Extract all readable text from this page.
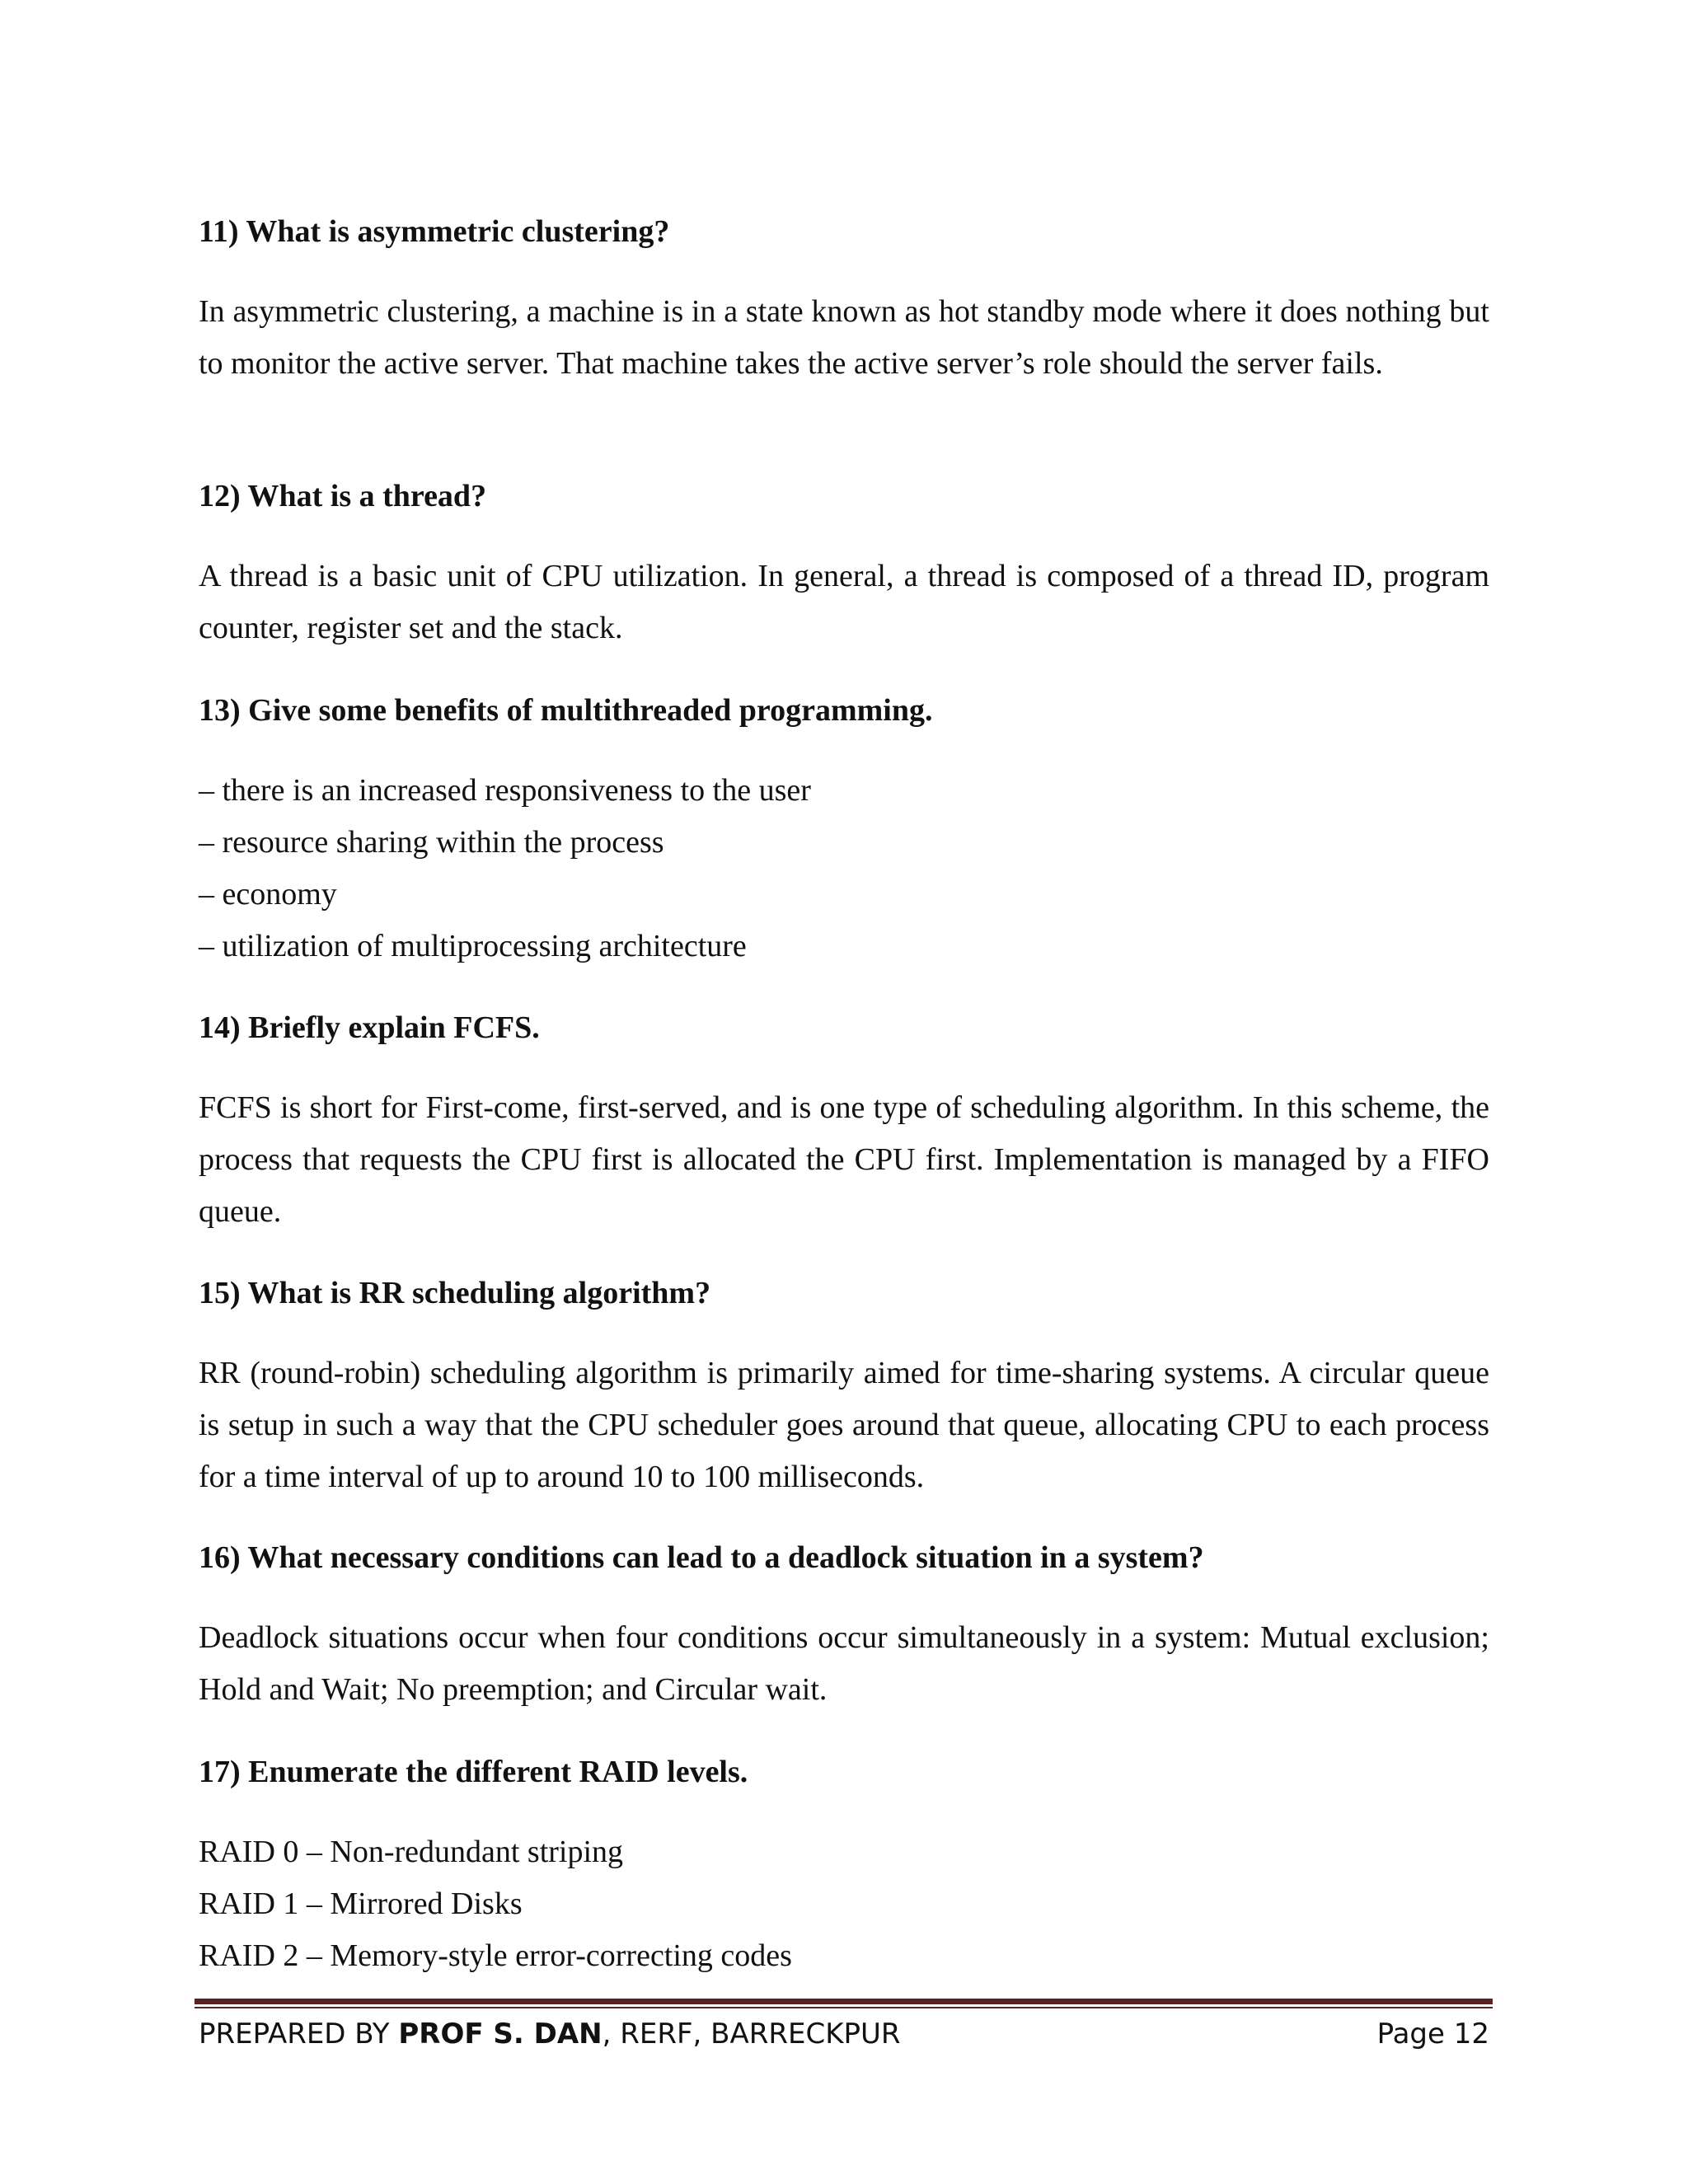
11) What is asymmetric clustering?

In asymmetric clustering, a machine is in a state known as hot standby mode where it does nothing but to monitor the active server. That machine takes the active server’s role should the server fails.

12) What is a thread?

A thread is a basic unit of CPU utilization. In general, a thread is composed of a thread ID, program counter, register set and the stack.

13) Give some benefits of multithreaded programming.
– there is an increased responsiveness to the user
– resource sharing within the process
– economy
– utilization of multiprocessing architecture
14) Briefly explain FCFS.

FCFS is short for First-come, first-served, and is one type of scheduling algorithm. In this scheme, the process that requests the CPU first is allocated the CPU first. Implementation is managed by a FIFO queue.

15) What is RR scheduling algorithm?

RR (round-robin) scheduling algorithm is primarily aimed for time-sharing systems. A circular queue is setup in such a way that the CPU scheduler goes around that queue, allocating CPU to each process for a time interval of up to around 10 to 100 milliseconds.

16) What necessary conditions can lead to a deadlock situation in a system?

Deadlock situations occur when four conditions occur simultaneously in a system: Mutual exclusion; Hold and Wait; No preemption; and Circular wait.

17) Enumerate the different RAID levels.
RAID 0 – Non-redundant striping
RAID 1 – Mirrored Disks
RAID 2 – Memory-style error-correcting codes
PREPARED BY PROF S. DAN, RERF, BARRECKPUR	Page 12
